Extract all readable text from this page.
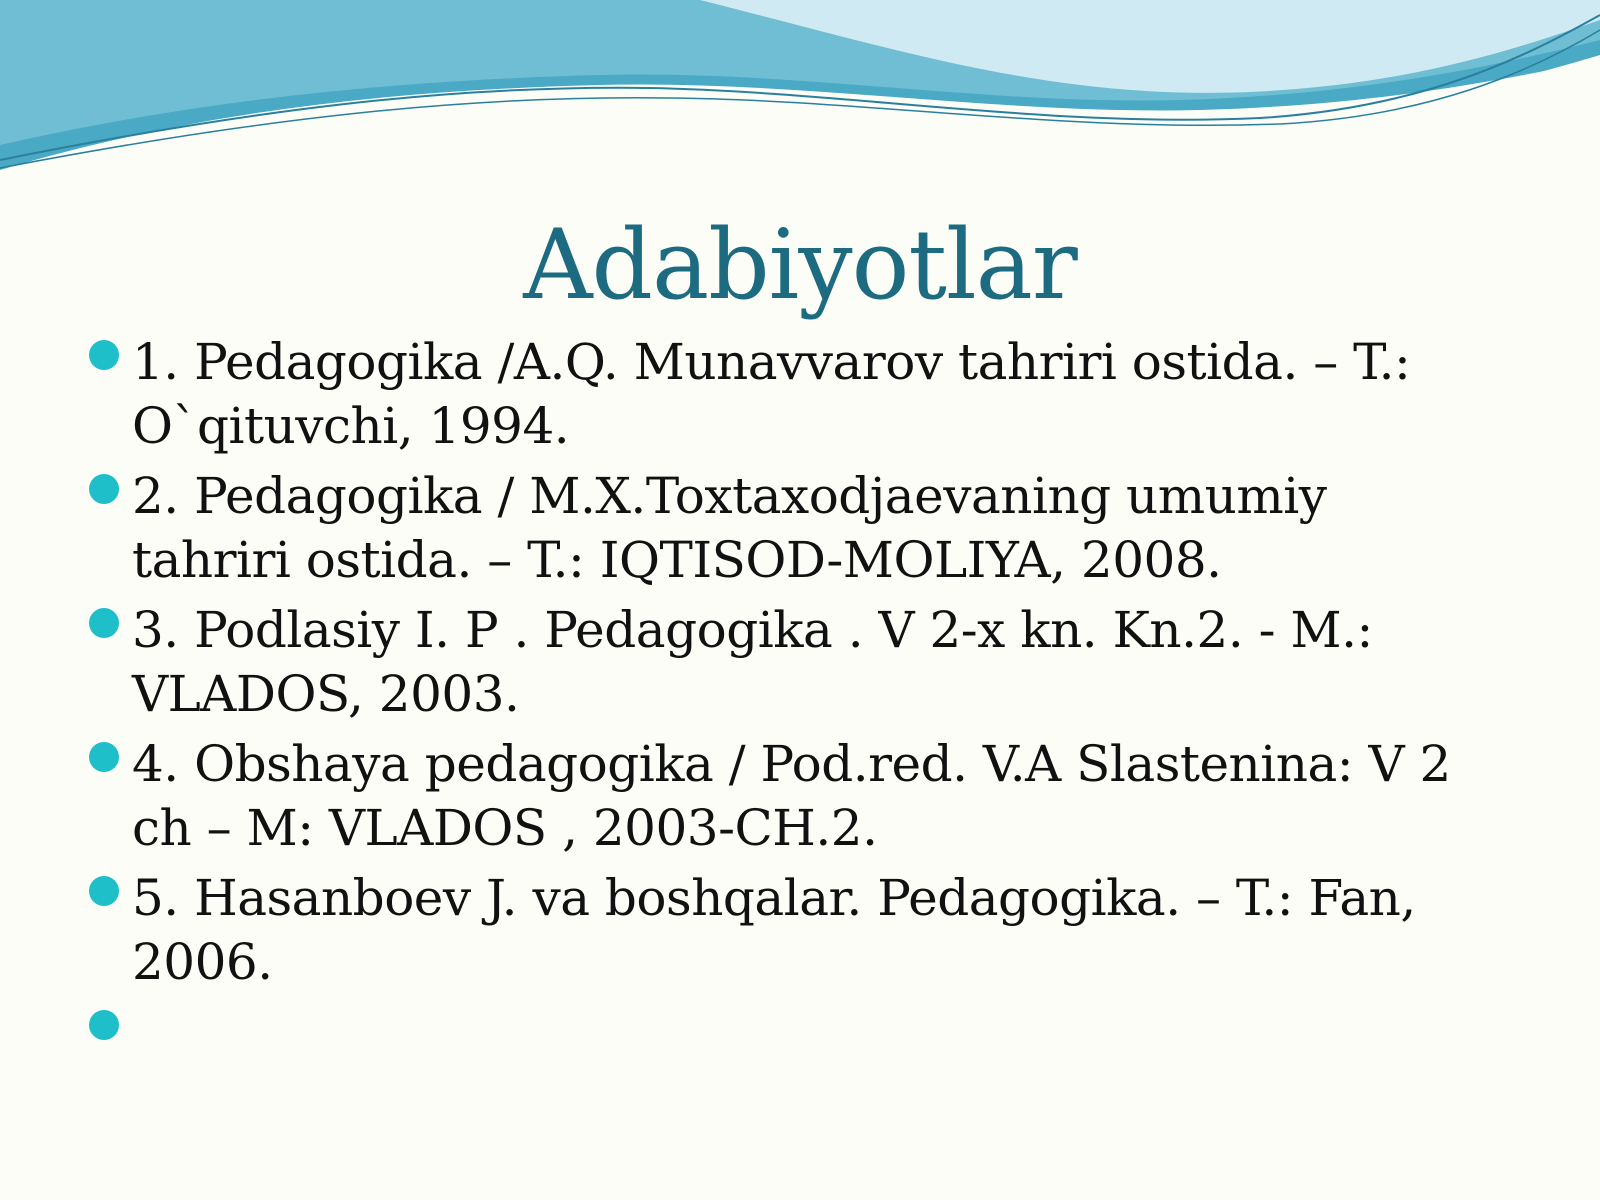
Adabiyotlar
1. Pedagogika /A.Q. Munavvarov tahriri ostida. – T.: O`qituvchi, 1994.
2. Pedagogika / M.X.Toxtaxodjaevaning umumiy tahriri ostida. – T.: IQTISOD-MOLIYA, 2008.
3. Podlasiy I. P . Pedagogika . V 2-x kn. Kn.2. - M.: VLADOS, 2003.
4. Obshaya pedagogika / Pod.red. V.A Slastenina: V 2 ch – M: VLADOS , 2003-CH.2.
5. Hasanboev J. va boshqalar. Pedagogika. – T.: Fan, 2006.
